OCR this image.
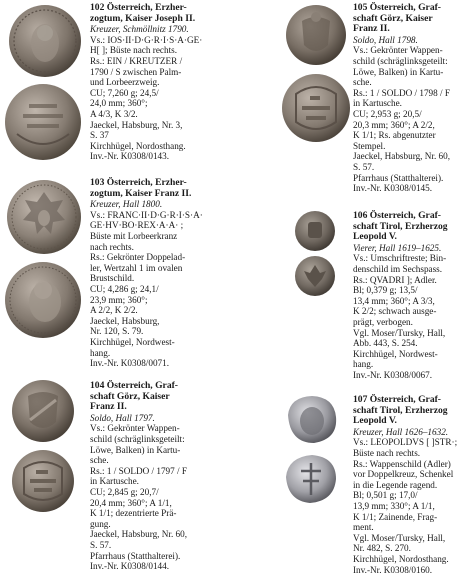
102 Österreich, Erzher-
zogtum, Kaiser Joseph II.
Kreuzer, Schmöllnitz 1790.
Vs.: IOS·II·D·G·R·I·S·A·GE·
H[ ]; Büste nach rechts.
Rs.: EIN / KREUTZER /
1790 / S zwischen Palm-
und Lorbeerzweig.
CU; 7,260 g; 24,5/
24,0 mm; 360°;
A 4/3, K 3/2.
Jaeckel, Habsburg, Nr. 3,
S. 37
Kirchhügel, Nordosthang.
Inv.-Nr. K0308/0143.
103 Österreich, Erzher-
zogtum, Kaiser Franz II.
Kreuzer, Hall 1800.
Vs.: FRANC·II·D·G·R·I·S·A·
GE·HV·BO·REX·A·A· ;
Büste mit Lorbeerkranz
nach rechts.
Rs.: Gekrönter Doppelad-
ler, Wertzahl 1 im ovalen
Brustschild.
CU; 4,286 g; 24,1/
23,9 mm; 360°;
A 2/2, K 2/2.
Jaeckel, Habsburg,
Nr. 120, S. 79.
Kirchhügel, Nordwest-
hang.
Inv.-Nr. K0308/0071.
104 Österreich, Graf-
schaft Görz, Kaiser
Franz II.
Soldo, Hall 1797.
Vs.: Gekrönter Wappen-
schild (schräglinksgeteilt:
Löwe, Balken) in Kartu-
sche.
Rs.: 1 / SOLDO / 1797 / F
in Kartusche.
CU; 2,845 g; 20,7/
20,4 mm; 360°; A 1/1,
K 1/1; dezentrierte Prä-
gung.
Jaeckel, Habsburg, Nr. 60,
S. 57.
Pfarrhaus (Statthalterei).
Inv.-Nr. K0308/0144.
105 Österreich, Graf-
schaft Görz, Kaiser
Franz II.
Soldo, Hall 1798.
Vs.: Gekrönter Wappen-
schild (schräglinksgeteilt:
Löwe, Balken) in Kartu-
sche.
Rs.: 1 / SOLDO / 1798 / F
in Kartusche.
CU; 2,953 g; 20,5/
20,3 mm; 360°; A 2/2,
K 1/1; Rs. abgenutzter
Stempel.
Jaeckel, Habsburg, Nr. 60,
S. 57.
Pfarrhaus (Statthalterei).
Inv.-Nr. K0308/0145.
106 Österreich, Graf-
schaft Tirol, Erzherzog
Leopold V.
Vierer, Hall 1619–1625.
Vs.: Umschriftreste; Bin-
denschild im Sechspass.
Rs.: QVADRI ]; Adler.
Bl; 0,379 g; 13,5/
13,4 mm; 360°; A 3/3,
K 2/2; schwach ausge-
prägt, verbogen.
Vgl. Moser/Tursky, Hall,
Abb. 443, S. 254.
Kirchhügel, Nordwest-
hang.
Inv.-Nr. K0308/0067.
107 Österreich, Graf-
schaft Tirol, Erzherzog
Leopold V.
Kreuzer, Hall 1626–1632.
Vs.: LEOPOLDVS [ ]STR·;
Büste nach rechts.
Rs.: Wappenschild (Adler)
vor Doppelkreuz, Schenkel
in die Legende ragend.
Bl; 0,501 g; 17,0/
13,9 mm; 330°; A 1/1,
K 1/1; Zainende, Frag-
ment.
Vgl. Moser/Tursky, Hall,
Nr. 482, S. 270.
Kirchhügel, Nordosthang.
Inv.-Nr. K0308/0160.
